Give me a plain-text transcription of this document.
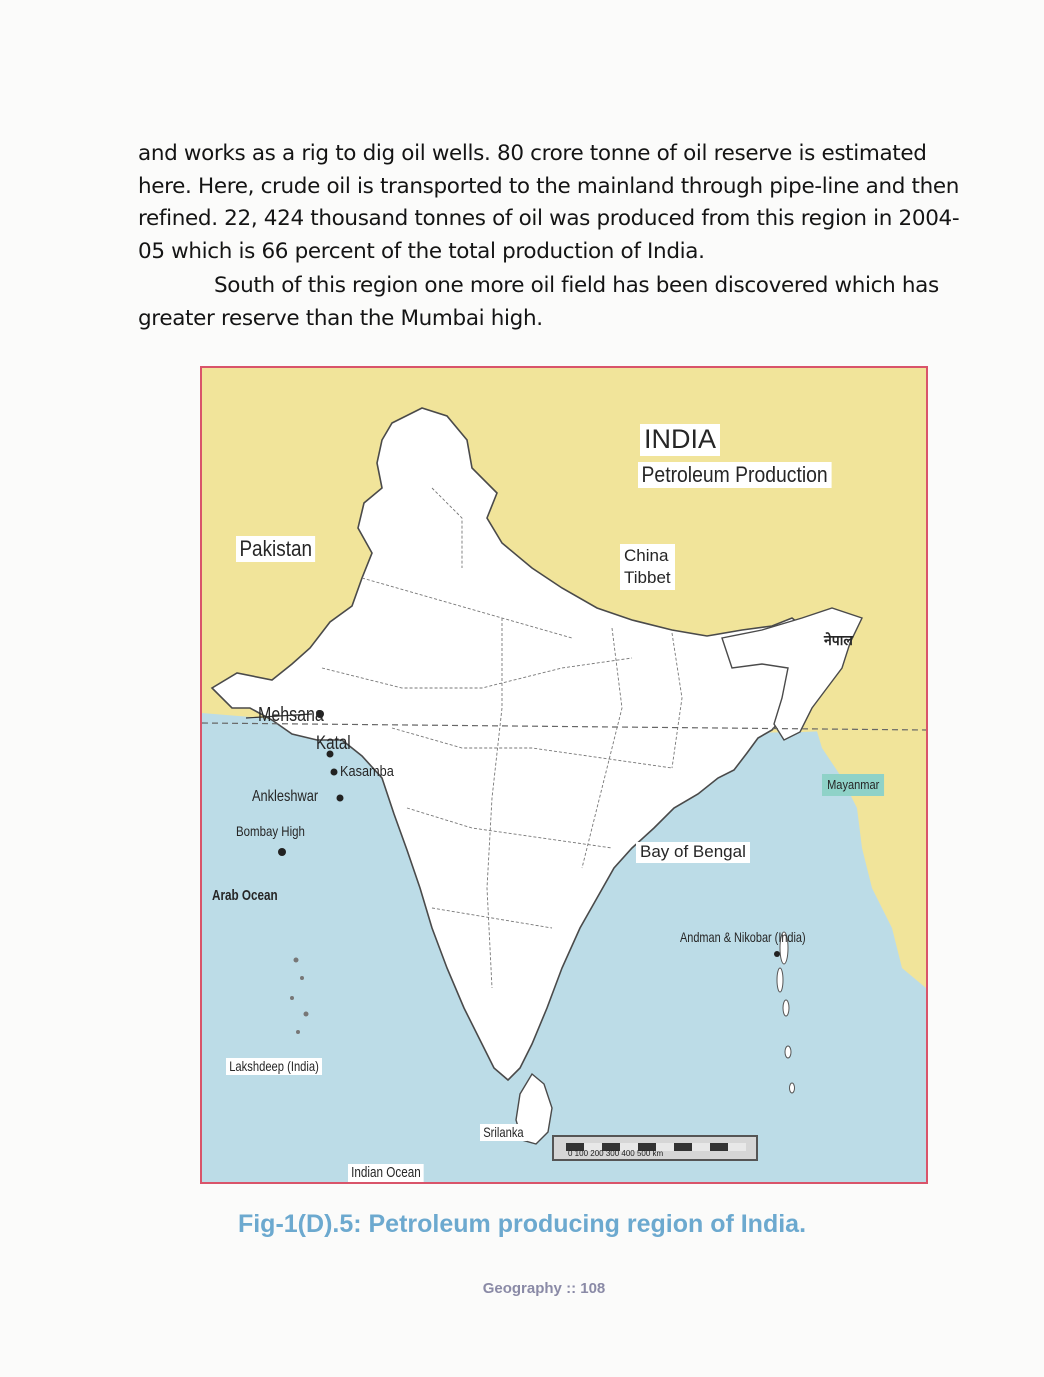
and works as a rig to dig oil wells. 80 crore tonne of oil reserve is estimated here. Here, crude oil is transported to the mainland through pipe-line and then refined. 22, 424 thousand tonnes of oil was produced from this region in 2004-05 which is 66 percent of the total production of India.

South of this region one more oil field has been discovered which has greater reserve than the Mumbai high.

INDIA
Petroleum Production
Pakistan	China
Tibbet
नेपाल
Mehsana
Katal
Kasamba
Ankleshwar
Bombay High
Arab Ocean
Bay of Bengal
Mayanmar
Andman & Nikobar (India)
Lakshdeep (India)
Srilanka
Indian Ocean
0 100 200 300 400 500 km
Fig-1(D).5: Petroleum producing region of India.
Geography :: 108
